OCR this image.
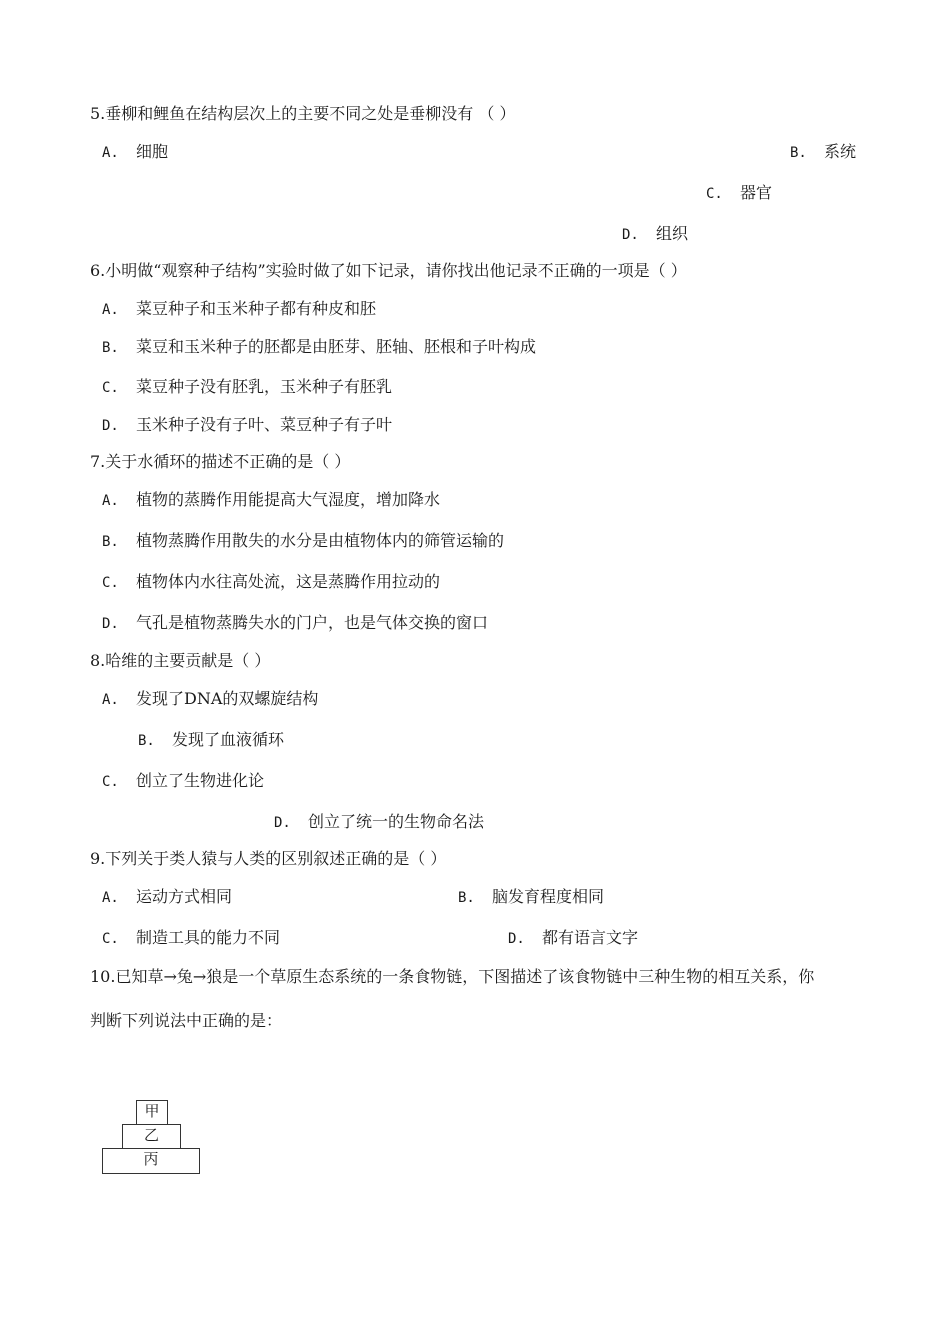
5.垂柳和鲤鱼在结构层次上的主要不同之处是垂柳没有 （ ）
A. 细胞	B. 系统
C. 器官
D. 组织
6.小明做“观察种子结构”实验时做了如下记录，请你找出他记录不正确的一项是（ ）
A. 菜豆种子和玉米种子都有种皮和胚
B. 菜豆和玉米种子的胚都是由胚芽、胚轴、胚根和子叶构成
C. 菜豆种子没有胚乳，玉米种子有胚乳
D. 玉米种子没有子叶、菜豆种子有子叶
7.关于水循环的描述不正确的是（ ）
A. 植物的蒸腾作用能提高大气湿度，增加降水
B. 植物蒸腾作用散失的水分是由植物体内的筛管运输的
C. 植物体内水往高处流，这是蒸腾作用拉动的
D. 气孔是植物蒸腾失水的门户，也是气体交换的窗口
8.哈维的主要贡献是（ ）
A. 发现了DNA的双螺旋结构
B. 发现了血液循环
C. 创立了生物进化论
D. 创立了统一的生物命名法
9.下列关于类人猿与人类的区别叙述正确的是（ ）
A. 运动方式相同	B. 脑发育程度相同
C. 制造工具的能力不同	D. 都有语言文字
10.已知草→兔→狼是一个草原生态系统的一条食物链，下图描述了该食物链中三种生物的相互关系，你
判断下列说法中正确的是：
甲
乙
丙
